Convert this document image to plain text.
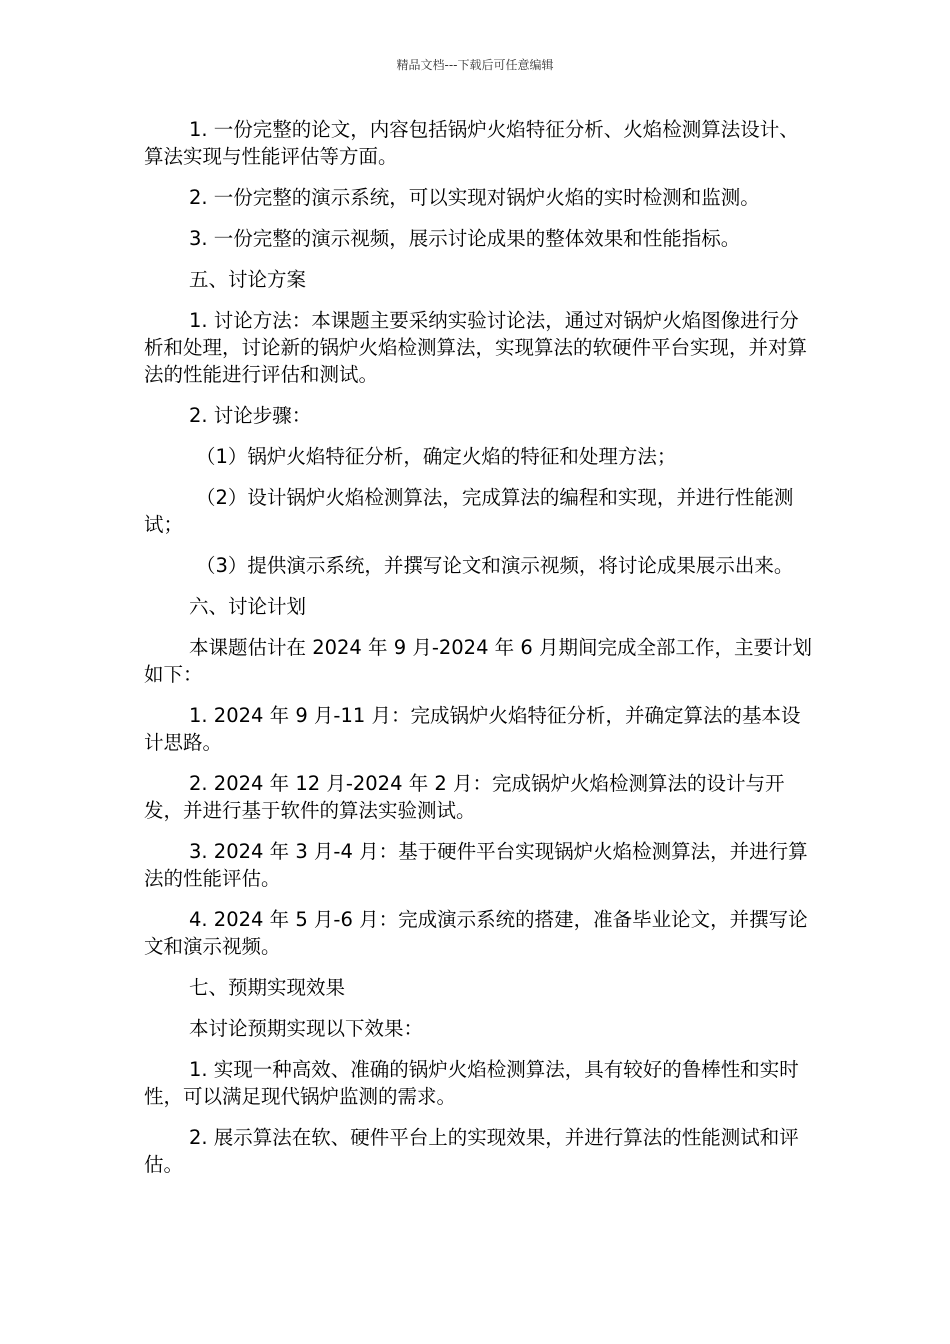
精品文档---下载后可任意编辑

1. 一份完整的论文，内容包括锅炉火焰特征分析、火焰检测算法设计、算法实现与性能评估等方面。

2. 一份完整的演示系统，可以实现对锅炉火焰的实时检测和监测。

3. 一份完整的演示视频，展示讨论成果的整体效果和性能指标。

五、讨论方案

1. 讨论方法：本课题主要采纳实验讨论法，通过对锅炉火焰图像进行分析和处理，讨论新的锅炉火焰检测算法，实现算法的软硬件平台实现，并对算法的性能进行评估和测试。

2. 讨论步骤：

（1）锅炉火焰特征分析，确定火焰的特征和处理方法；

（2）设计锅炉火焰检测算法，完成算法的编程和实现，并进行性能测试；

（3）提供演示系统，并撰写论文和演示视频，将讨论成果展示出来。

六、讨论计划

本课题估计在 2024 年 9 月-2024 年 6 月期间完成全部工作，主要计划如下：

1. 2024 年 9 月-11 月：完成锅炉火焰特征分析，并确定算法的基本设计思路。

2. 2024 年 12 月-2024 年 2 月：完成锅炉火焰检测算法的设计与开发，并进行基于软件的算法实验测试。

3. 2024 年 3 月-4 月：基于硬件平台实现锅炉火焰检测算法，并进行算法的性能评估。

4. 2024 年 5 月-6 月：完成演示系统的搭建，准备毕业论文，并撰写论文和演示视频。

七、预期实现效果

本讨论预期实现以下效果：

1. 实现一种高效、准确的锅炉火焰检测算法，具有较好的鲁棒性和实时性，可以满足现代锅炉监测的需求。

2. 展示算法在软、硬件平台上的实现效果，并进行算法的性能测试和评估。
